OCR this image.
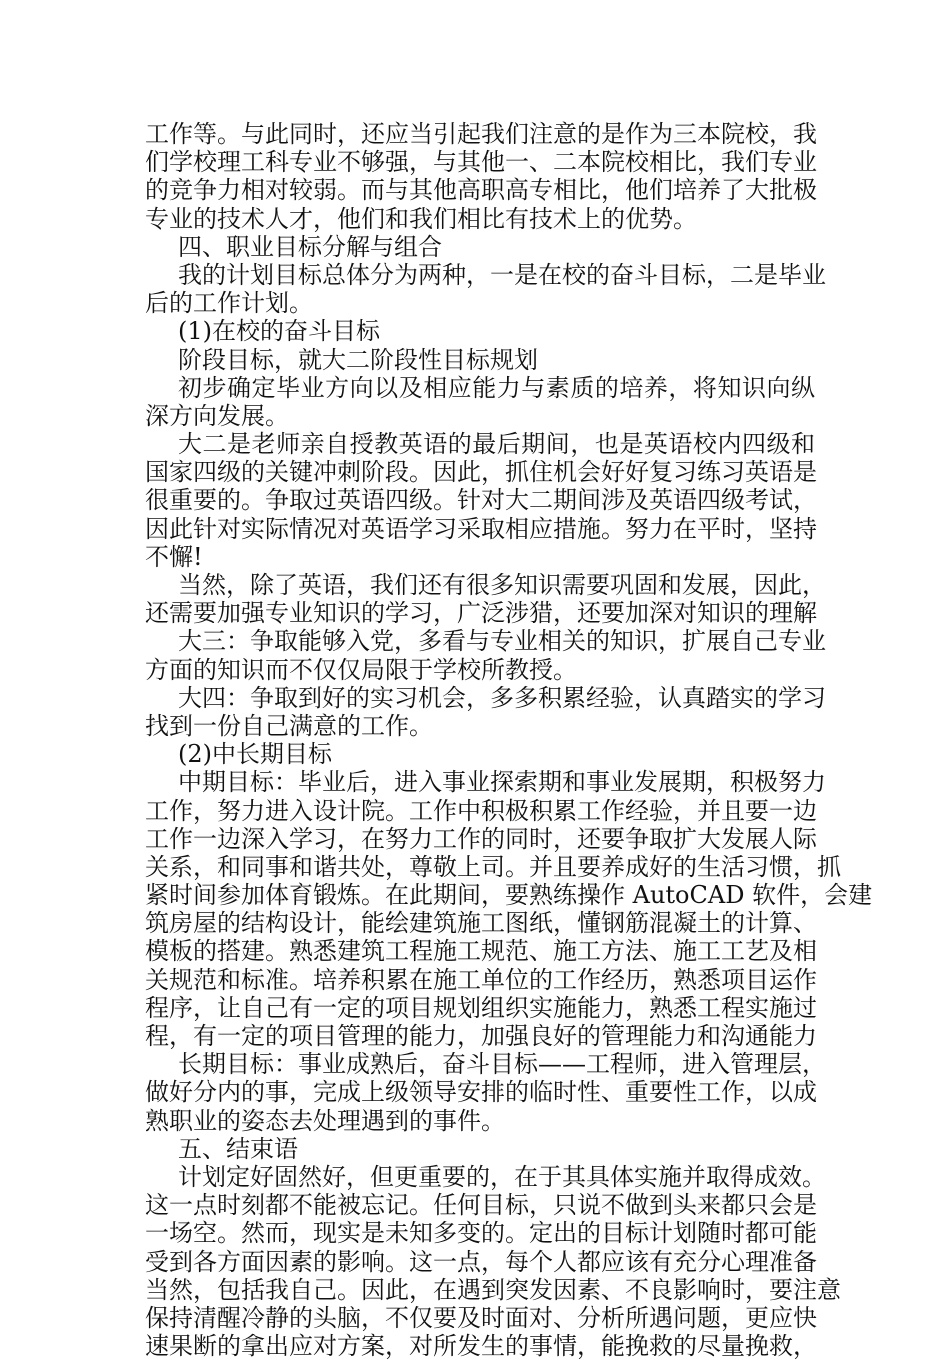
工作等。与此同时，还应当引起我们注意的是作为三本院校，我
们学校理工科专业不够强，与其他一、二本院校相比，我们专业
的竞争力相对较弱。而与其他高职高专相比，他们培养了大批极
专业的技术人才，他们和我们相比有技术上的优势。
四、职业目标分解与组合
我的计划目标总体分为两种，一是在校的奋斗目标，二是毕业
后的工作计划。
(1)在校的奋斗目标
阶段目标，就大二阶段性目标规划
初步确定毕业方向以及相应能力与素质的培养，将知识向纵
深方向发展。
大二是老师亲自授教英语的最后期间，也是英语校内四级和
国家四级的关键冲刺阶段。因此，抓住机会好好复习练习英语是
很重要的。争取过英语四级。针对大二期间涉及英语四级考试，
因此针对实际情况对英语学习采取相应措施。努力在平时，坚持
不懈!
当然，除了英语，我们还有很多知识需要巩固和发展，因此，
还需要加强专业知识的学习，广泛涉猎，还要加深对知识的理解
大三：争取能够入党，多看与专业相关的知识，扩展自己专业
方面的知识而不仅仅局限于学校所教授。
大四：争取到好的实习机会，多多积累经验，认真踏实的学习
找到一份自己满意的工作。
(2)中长期目标
中期目标：毕业后，进入事业探索期和事业发展期，积极努力
工作，努力进入设计院。工作中积极积累工作经验，并且要一边
工作一边深入学习，在努力工作的同时，还要争取扩大发展人际
关系，和同事和谐共处，尊敬上司。并且要养成好的生活习惯，抓
紧时间参加体育锻炼。在此期间，要熟练操作 AutoCAD 软件，会建
筑房屋的结构设计，能绘建筑施工图纸，懂钢筋混凝土的计算、
模板的搭建。熟悉建筑工程施工规范、施工方法、施工工艺及相
关规范和标准。培养积累在施工单位的工作经历，熟悉项目运作
程序，让自己有一定的项目规划组织实施能力，熟悉工程实施过
程，有一定的项目管理的能力，加强良好的管理能力和沟通能力
长期目标：事业成熟后，奋斗目标——工程师，进入管理层，
做好分内的事，完成上级领导安排的临时性、重要性工作，以成
熟职业的姿态去处理遇到的事件。
五、结束语
计划定好固然好，但更重要的，在于其具体实施并取得成效。
这一点时刻都不能被忘记。任何目标，只说不做到头来都只会是
一场空。然而，现实是未知多变的。定出的目标计划随时都可能
受到各方面因素的影响。这一点，每个人都应该有充分心理准备
当然，包括我自己。因此，在遇到突发因素、不良影响时，要注意
保持清醒冷静的头脑，不仅要及时面对、分析所遇问题，更应快
速果断的拿出应对方案，对所发生的事情，能挽救的尽量挽救，
